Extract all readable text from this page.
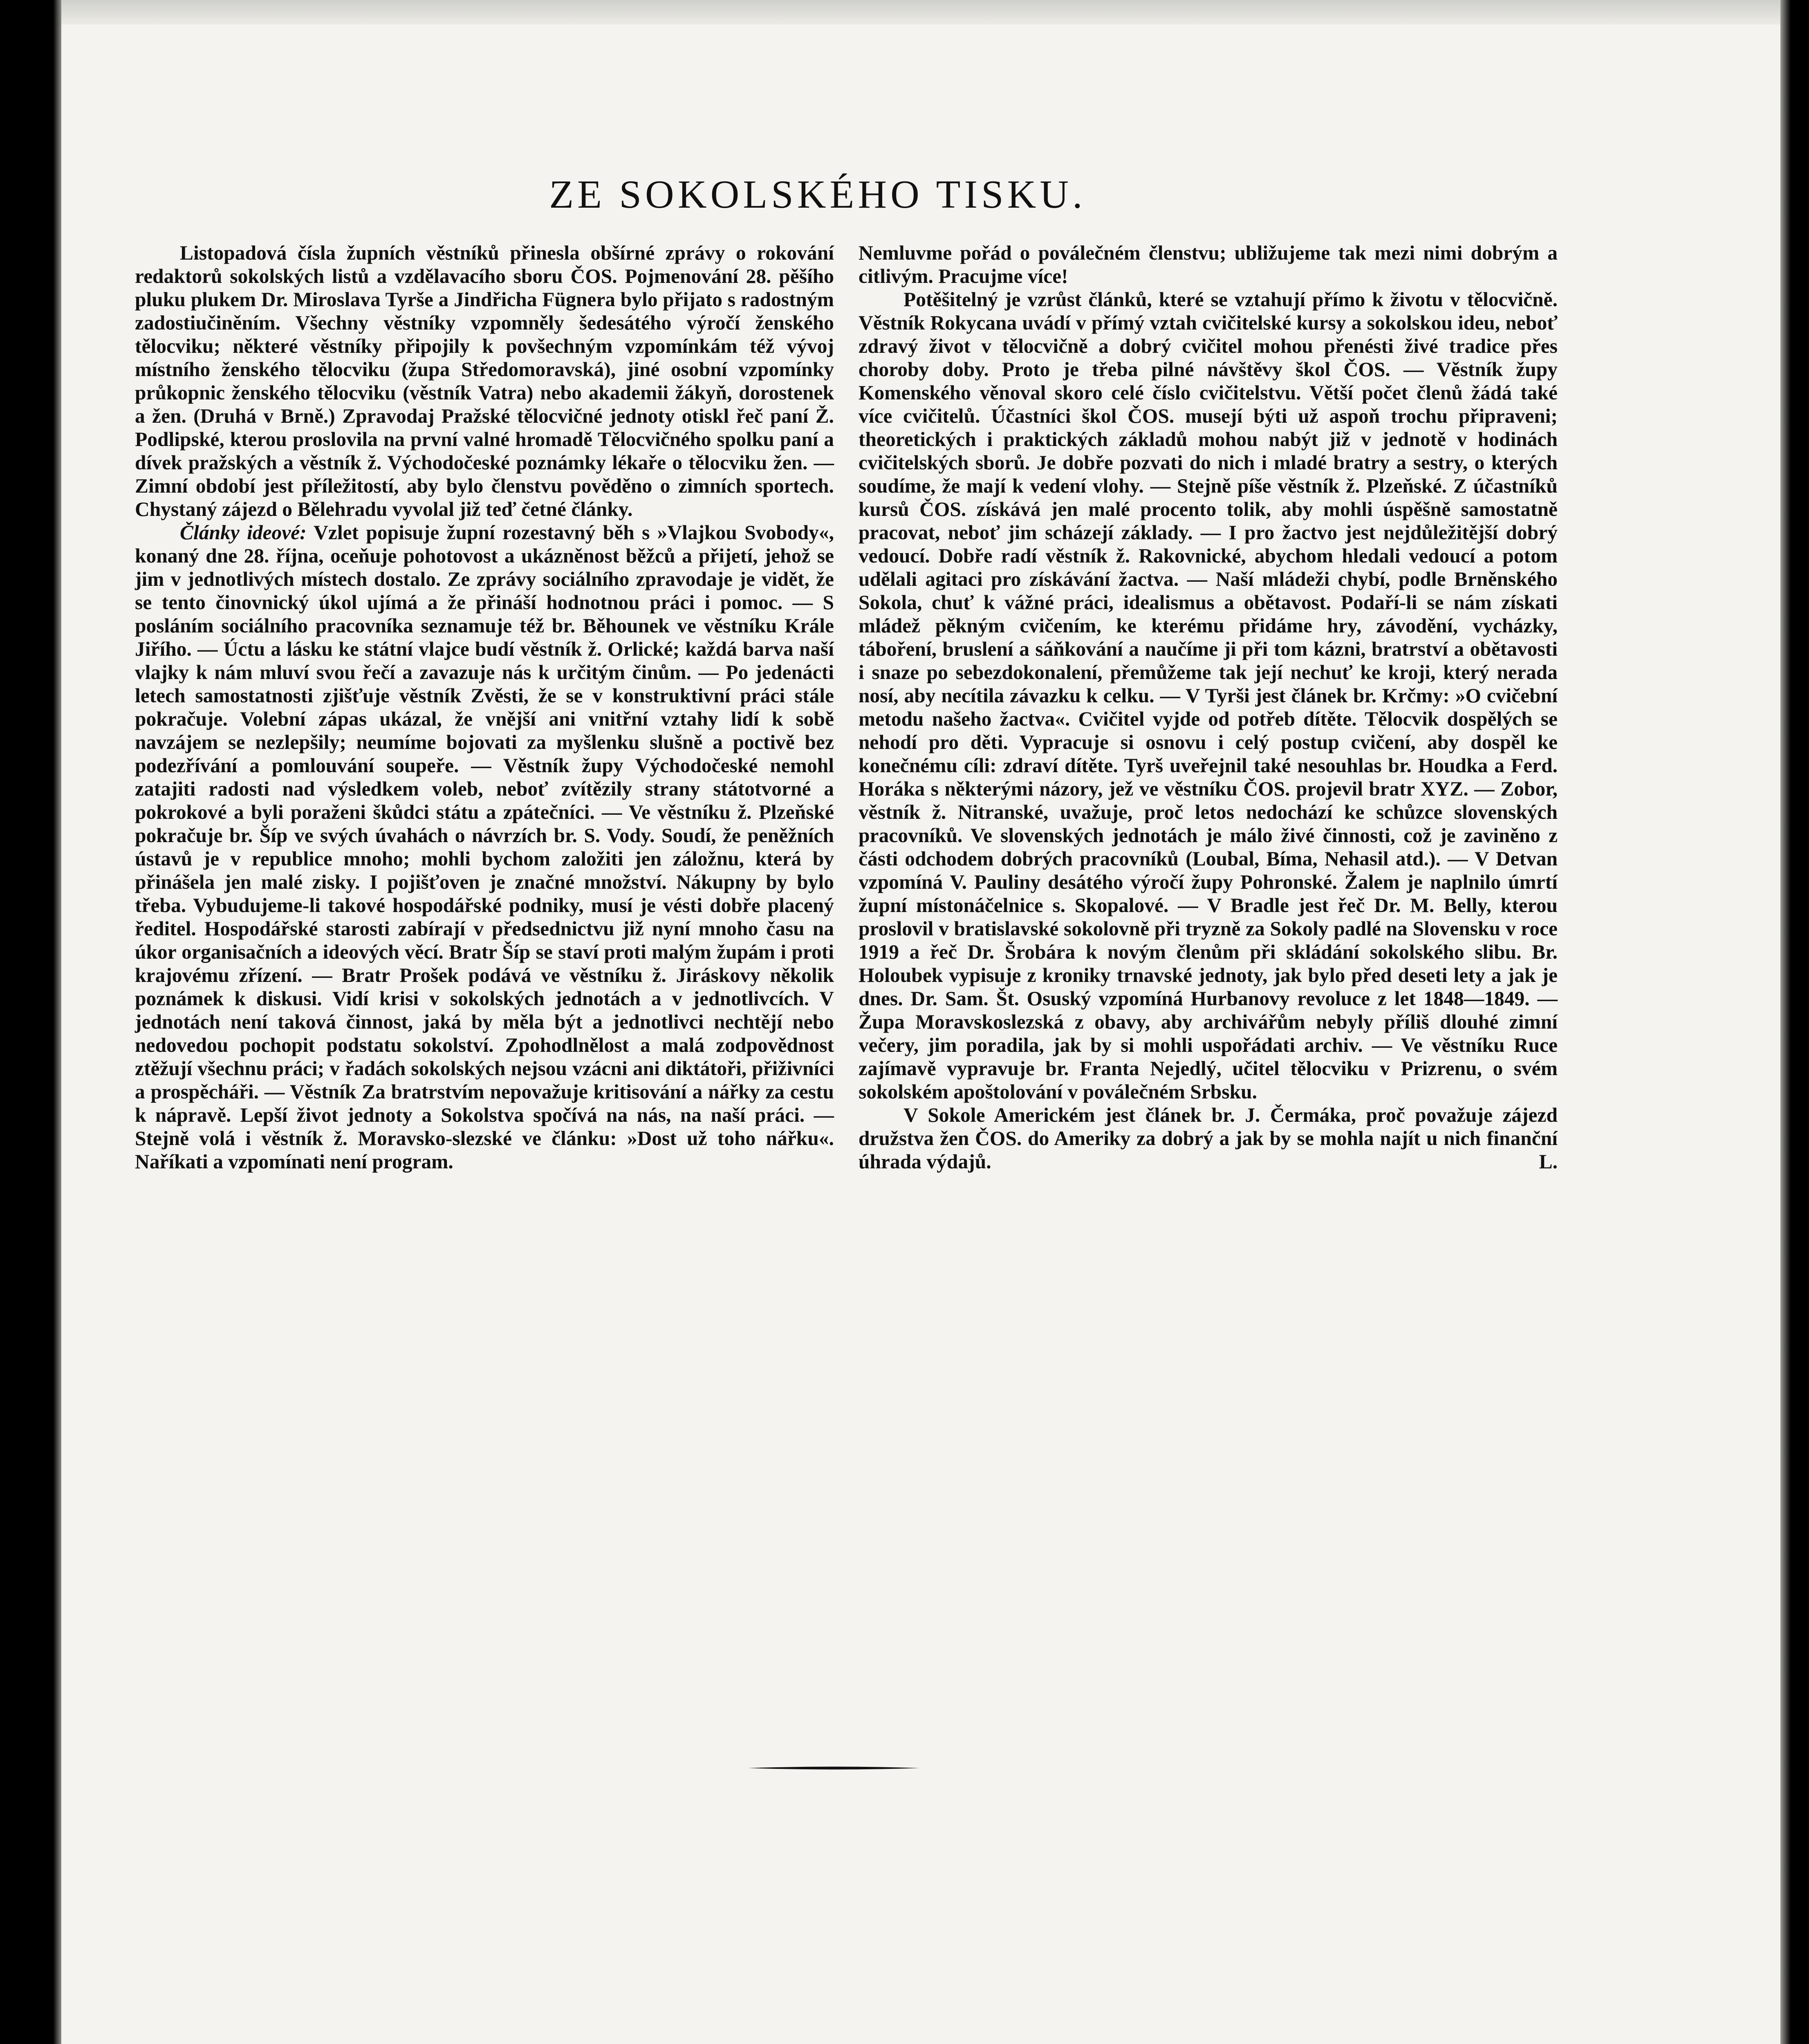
ZE SOKOLSKÉHO TISKU.

Listopadová čísla župních věstníků přinesla obšírné zprávy o rokování redaktorů sokolských listů a vzdělavacího sboru ČOS. Pojmenování 28. pěšího pluku plukem Dr. Miroslava Tyrše a Jindřicha Fügnera bylo přijato s radostným zadostiučiněním. Všechny věstníky vzpomněly šedesátého výročí ženského tělocviku; některé věstníky připojily k povšechným vzpomínkám též vývoj místního ženského tělocviku (župa Středomoravská), jiné osobní vzpomínky průkopnic ženského tělocviku (věstník Vatra) nebo akademii žákyň, dorostenek a žen. (Druhá v Brně.) Zpravodaj Pražské tělocvičné jednoty otiskl řeč paní Ž. Podlipské, kterou proslovila na první valné hromadě Tělocvičného spolku paní a dívek pražských a věstník ž. Východočeské poznámky lékaře o tělocviku žen. — Zimní období jest příležitostí, aby bylo členstvu pověděno o zimních sportech. Chystaný zájezd o Bělehradu vyvolal již teď četné články.

Články ideové: Vzlet popisuje župní rozestavný běh s »Vlajkou Svobody«, konaný dne 28. října, oceňuje pohotovost a ukázněnost běžců a přijetí, jehož se jim v jednotlivých místech dostalo. Ze zprávy sociálního zpravodaje je vidět, že se tento činovnický úkol ujímá a že přináší hodnotnou práci i pomoc. — S posláním sociálního pracovníka seznamuje též br. Běhounek ve věstníku Krále Jiřího. — Úctu a lásku ke státní vlajce budí věstník ž. Orlické; každá barva naší vlajky k nám mluví svou řečí a zavazuje nás k určitým činům. — Po jedenácti letech samostatnosti zjišťuje věstník Zvěsti, že se v konstruktivní práci stále pokračuje. Volební zápas ukázal, že vnější ani vnitřní vztahy lidí k sobě navzájem se nezlepšily; neumíme bojovati za myšlenku slušně a poctivě bez podezřívání a pomlouvání soupeře. — Věstník župy Východočeské nemohl zatajiti radosti nad výsledkem voleb, neboť zvítězily strany státotvorné a pokrokové a byli poraženi škůdci státu a zpátečníci. — Ve věstníku ž. Plzeňské pokračuje br. Šíp ve svých úvahách o návrzích br. S. Vody. Soudí, že peněžních ústavů je v republice mnoho; mohli bychom založiti jen záložnu, která by přinášela jen malé zisky. I pojišťoven je značné množství. Nákupny by bylo třeba. Vybudujeme-li takové hospodářské podniky, musí je vésti dobře placený ředitel. Hospodářské starosti zabírají v předsednictvu již nyní mnoho času na úkor organisačních a ideových věcí. Bratr Šíp se staví proti malým župám i proti krajovému zřízení. — Bratr Prošek podává ve věstníku ž. Jiráskovy několik poznámek k diskusi. Vidí krisi v sokolských jednotách a v jednotlivcích. V jednotách není taková činnost, jaká by měla být a jednotlivci nechtějí nebo nedovedou pochopit podstatu sokolství. Zpohodlnělost a malá zodpovědnost ztěžují všechnu práci; v řadách sokolských nejsou vzácni ani diktátoři, přiživníci a prospěcháři. — Věstník Za bratrstvím nepovažuje kritisování a nářky za cestu k nápravě. Lepší život jednoty a Sokolstva spočívá na nás, na naší práci. — Stejně volá i věstník ž. Moravsko-slezské ve článku: »Dost už toho nářku«. Naříkati a vzpomínati není program.

Nemluvme pořád o poválečném členstvu; ubližujeme tak mezi nimi dobrým a citlivým. Pracujme více!

Potěšitelný je vzrůst článků, které se vztahují přímo k životu v tělocvičně. Věstník Rokycana uvádí v přímý vztah cvičitelské kursy a sokolskou ideu, neboť zdravý život v tělocvičně a dobrý cvičitel mohou přenésti živé tradice přes choroby doby. Proto je třeba pilné návštěvy škol ČOS. — Věstník župy Komenského věnoval skoro celé číslo cvičitelstvu. Větší počet členů žádá také více cvičitelů. Účastníci škol ČOS. musejí býti už aspoň trochu připraveni; theoretických i praktických základů mohou nabýt již v jednotě v hodinách cvičitelských sborů. Je dobře pozvati do nich i mladé bratry a sestry, o kterých soudíme, že mají k vedení vlohy. — Stejně píše věstník ž. Plzeňské. Z účastníků kursů ČOS. získává jen malé procento tolik, aby mohli úspěšně samostatně pracovat, neboť jim scházejí základy. — I pro žactvo jest nejdůležitější dobrý vedoucí. Dobře radí věstník ž. Rakovnické, abychom hledali vedoucí a potom udělali agitaci pro získávání žactva. — Naší mládeži chybí, podle Brněnského Sokola, chuť k vážné práci, idealismus a obětavost. Podaří-li se nám získati mládež pěkným cvičením, ke kterému přidáme hry, závodění, vycházky, táboření, bruslení a sáňkování a naučíme ji při tom kázni, bratrství a obětavosti i snaze po sebezdokonalení, přemůžeme tak její nechuť ke kroji, který nerada nosí, aby necítila závazku k celku. — V Tyrši jest článek br. Krčmy: »O cvičební metodu našeho žactva«. Cvičitel vyjde od potřeb dítěte. Tělocvik dospělých se nehodí pro děti. Vypracuje si osnovu i celý postup cvičení, aby dospěl ke konečnému cíli: zdraví dítěte. Tyrš uveřejnil také nesouhlas br. Houdka a Ferd. Horáka s některými názory, jež ve věstníku ČOS. projevil bratr XYZ. — Zobor, věstník ž. Nitranské, uvažuje, proč letos nedochází ke schůzce slovenských pracovníků. Ve slovenských jednotách je málo živé činnosti, což je zaviněno z části odchodem dobrých pracovníků (Loubal, Bíma, Nehasil atd.). — V Detvan vzpomíná V. Pauliny desátého výročí župy Pohronské. Žalem je naplnilo úmrtí župní místonáčelnice s. Skopalové. — V Bradle jest řeč Dr. M. Belly, kterou proslovil v bratislavské sokolovně při tryzně za Sokoly padlé na Slovensku v roce 1919 a řeč Dr. Šrobára k novým členům při skládání sokolského slibu. Br. Holoubek vypisuje z kroniky trnavské jednoty, jak bylo před deseti lety a jak je dnes. Dr. Sam. Št. Osuský vzpomíná Hurbanovy revoluce z let 1848—1849. — Župa Moravskoslezská z obavy, aby archivářům nebyly příliš dlouhé zimní večery, jim poradila, jak by si mohli uspořádati archiv. — Ve věstníku Ruce zajímavě vypravuje br. Franta Nejedlý, učitel tělocviku v Prizrenu, o svém sokolském apoštolování v poválečném Srbsku.

V Sokole Americkém jest článek br. J. Čermáka, proč považuje zájezd družstva žen ČOS. do Ameriky za dobrý a jak by se mohla najít u nich finanční úhrada výdajů.	L.
